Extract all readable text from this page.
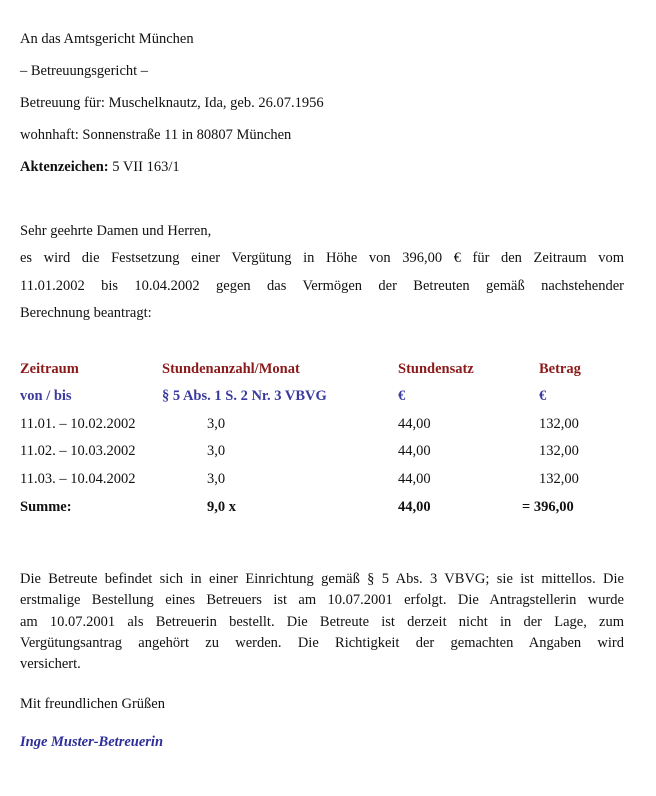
An das Amtsgericht München
– Betreuungsgericht –
Betreuung für: Muschelknautz, Ida, geb. 26.07.1956
wohnhaft: Sonnenstraße 11 in 80807 München
Aktenzeichen: 5 VII 163/1
Sehr geehrte Damen und Herren,
es wird die Festsetzung einer Vergütung in Höhe von 396,00 € für den Zeitraum vom
11.01.2002 bis 10.04.2002 gegen das Vermögen der Betreuten gemäß nachstehender
Berechnung beantragt:
Zeitraum	Stundenanzahl/Monat	Stundensatz	Betrag
von / bis	§ 5 Abs. 1 S. 2 Nr. 3 VBVG	€	€
11.01. – 10.02.2002	3,0	44,00	132,00
11.02. – 10.03.2002	3,0	44,00	132,00
11.03. – 10.04.2002	3,0	44,00	132,00
Summe:	9,0 x	44,00	= 396,00
Die Betreute befindet sich in einer Einrichtung gemäß § 5 Abs. 3 VBVG; sie ist mittellos. Die
erstmalige Bestellung eines Betreuers ist am 10.07.2001 erfolgt. Die Antragstellerin wurde
am 10.07.2001 als Betreuerin bestellt. Die Betreute ist derzeit nicht in der Lage, zum
Vergütungsantrag angehört zu werden. Die Richtigkeit der gemachten Angaben wird
versichert.
Mit freundlichen Grüßen
Inge Muster-Betreuerin
